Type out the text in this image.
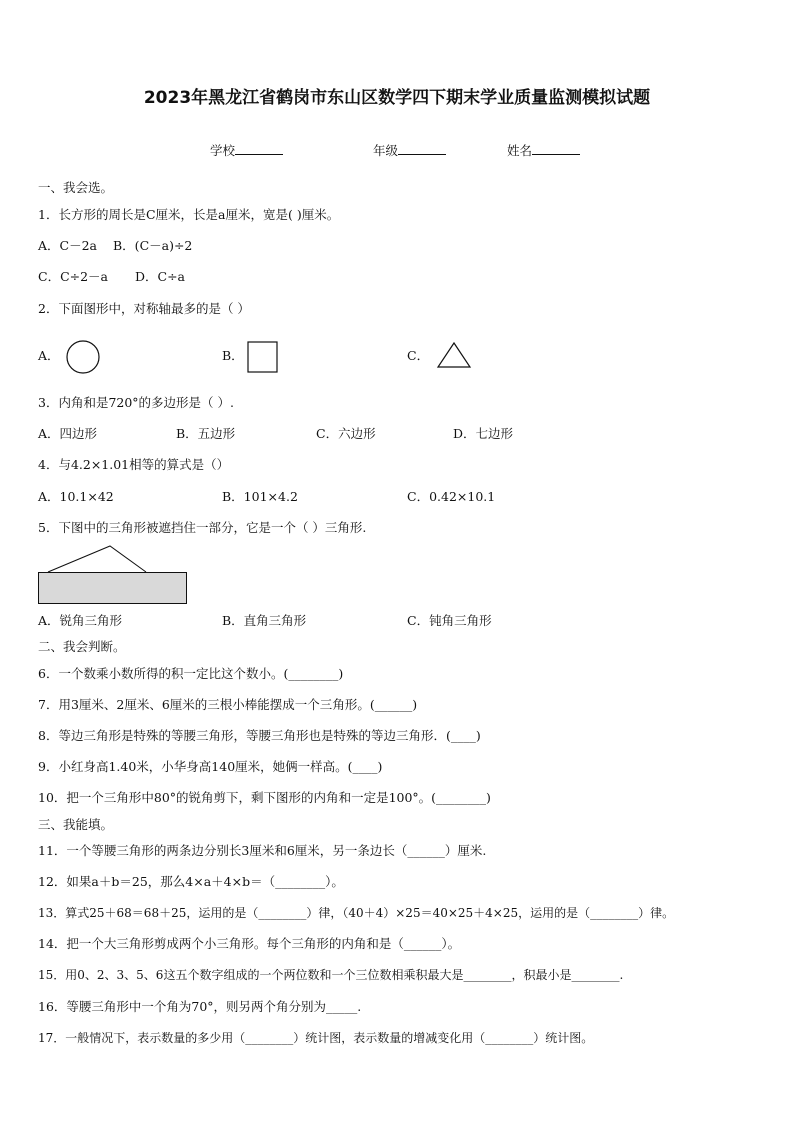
2023年黑龙江省鹤岗市东山区数学四下期末学业质量监测模拟试题
学校	年级	姓名
一、我会选。
1．长方形的周长是C厘米，长是a厘米，宽是( )厘米。
A．C－2a B．(C－a)÷2
C．C÷2－a D．C÷a
2．下面图形中，对称轴最多的是（ ）
A．	B．	C．
3．内角和是720°的多边形是（ ）.
A．四边形	B．五边形	C．六边形	D．七边形
4．与4.2×1.01相等的算式是（）
A．10.1×42	B．101×4.2	C．0.42×10.1
5．下图中的三角形被遮挡住一部分，它是一个（ ）三角形.
A．锐角三角形	B．直角三角形	C．钝角三角形
二、我会判断。
6．一个数乘小数所得的积一定比这个数小。(________)
7．用3厘米、2厘米、6厘米的三根小棒能摆成一个三角形。(______)
8．等边三角形是特殊的等腰三角形，等腰三角形也是特殊的等边三角形．(____)
9．小红身高1.40米，小华身高140厘米，她俩一样高。(____)
10．把一个三角形中80°的锐角剪下，剩下图形的内角和一定是100°。(________)
三、我能填。
11．一个等腰三角形的两条边分别长3厘米和6厘米，另一条边长（______）厘米.
12．如果a＋b＝25，那么4×a＋4×b＝（________）。
13．算式25＋68＝68＋25，运用的是（________）律，（40＋4）×25＝40×25＋4×25，运用的是（________）律。
14．把一个大三角形剪成两个小三角形。每个三角形的内角和是（______）。
15．用0、2、3、5、6这五个数字组成的一个两位数和一个三位数相乘积最大是________，积最小是________.
16．等腰三角形中一个角为70°，则另两个角分别为_____.
17．一般情况下，表示数量的多少用（________）统计图，表示数量的增减变化用（________）统计图。
